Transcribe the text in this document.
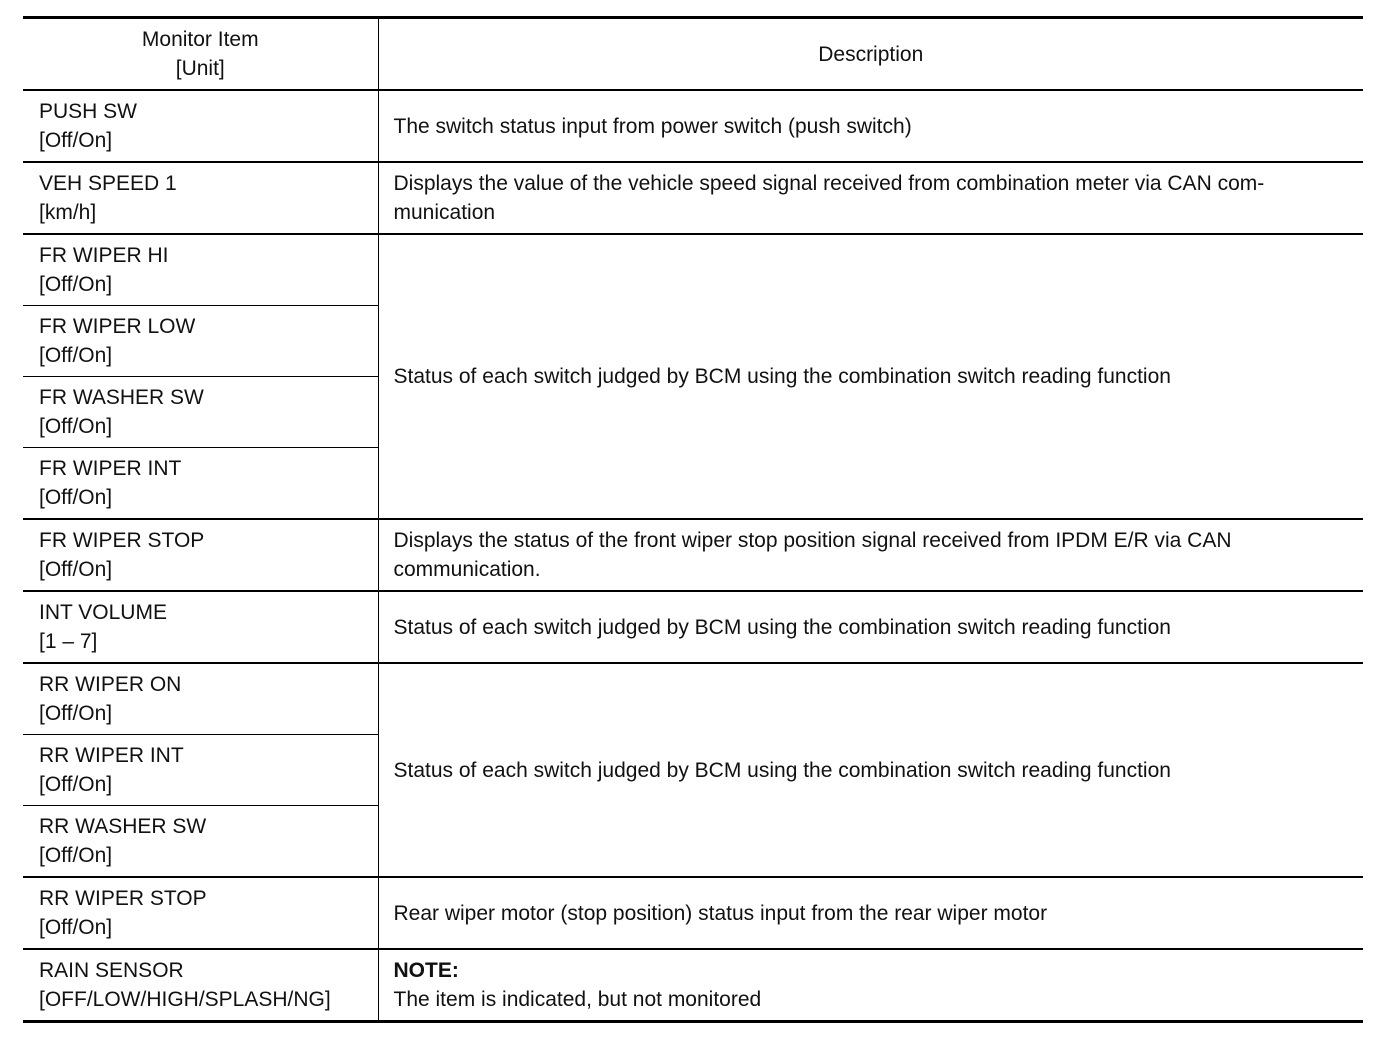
Monitor Item
[Unit]	Description

PUSH SW
[Off/On]	The switch status input from power switch (push switch)

VEH SPEED 1
[km/h]	Displays the value of the vehicle speed signal received from combination meter via CAN com-
munication

FR WIPER HI
[Off/On]	Status of each switch judged by BCM using the combination switch reading function

FR WIPER LOW
[Off/On]	

FR WASHER SW
[Off/On]	

FR WIPER INT
[Off/On]	

FR WIPER STOP
[Off/On]	Displays the status of the front wiper stop position signal received from IPDM E/R via CAN
communication.

INT VOLUME
[1 – 7]	Status of each switch judged by BCM using the combination switch reading function

RR WIPER ON
[Off/On]	Status of each switch judged by BCM using the combination switch reading function

RR WIPER INT
[Off/On]	

RR WASHER SW
[Off/On]	

RR WIPER STOP
[Off/On]	Rear wiper motor (stop position) status input from the rear wiper motor

RAIN SENSOR
[OFF/LOW/HIGH/SPLASH/NG]	NOTE:
The item is indicated, but not monitored
